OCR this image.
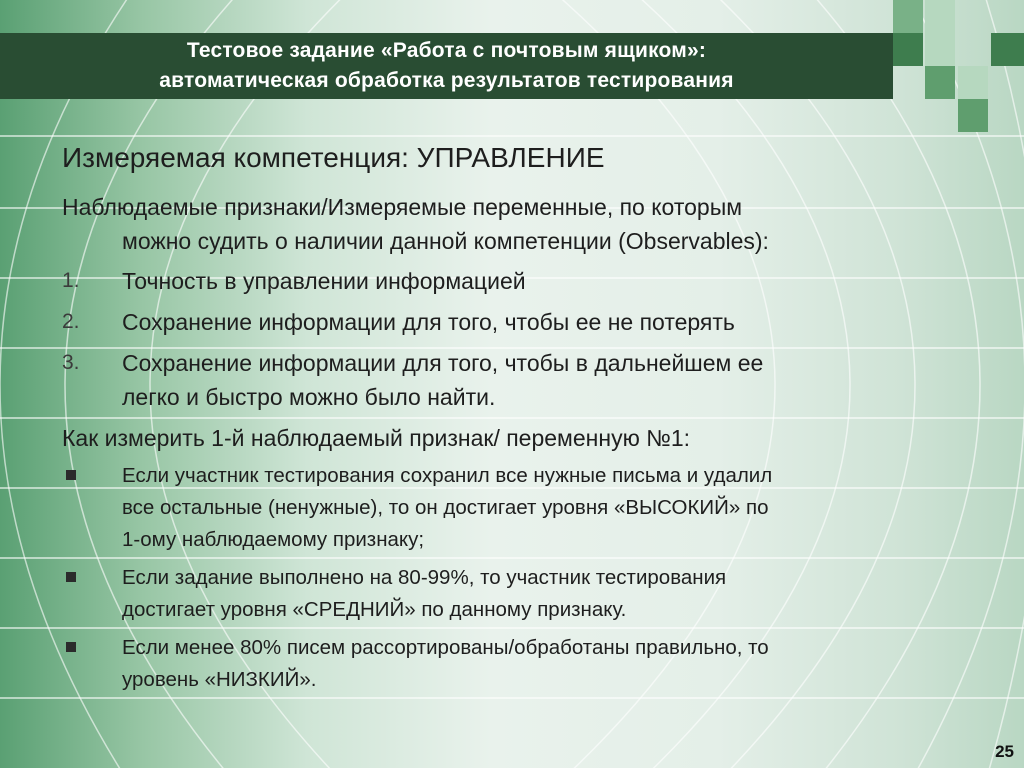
Тестовое задание «Работа с почтовым ящиком»:
автоматическая обработка результатов тестирования
Измеряемая компетенция: УПРАВЛЕНИЕ
Наблюдаемые признаки/Измеряемые переменные, по которым
можно судить о наличии данной компетенции (Observables):
1.	Точность в управлении информацией
2.	Сохранение информации для того, чтобы ее не потерять
3.	Сохранение информации для того, чтобы в дальнейшем ее
легко и быстро можно было найти.
Как измерить 1-й наблюдаемый признак/ переменную №1:
Если участник тестирования сохранил все нужные письма и удалил
все остальные (ненужные), то он достигает уровня «ВЫСОКИЙ» по
1-ому наблюдаемому признаку;
Если задание выполнено на 80-99%, то участник тестирования
достигает уровня «СРЕДНИЙ» по данному признаку.
Если менее 80% писем рассортированы/обработаны правильно, то
уровень «НИЗКИЙ».
25
